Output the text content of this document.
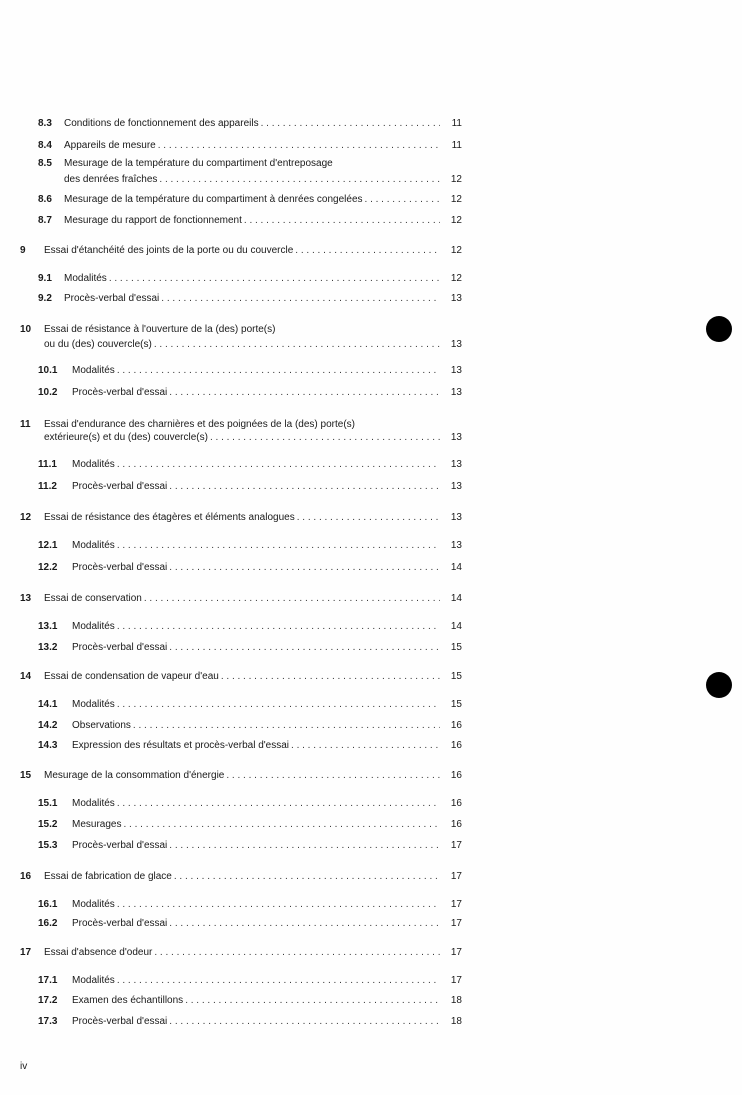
8.3 Conditions de fonctionnement des appareils . . .	11
8.4 Appareils de mesure . . .	11
8.5 Mesurage de la température du compartiment d'entreposage
des denrées fraîches . . .	12
8.6 Mesurage de la température du compartiment à denrées congelées . . .	12
8.7 Mesurage du rapport de fonctionnement . . .	12
9 Essai d'étanchéité des joints de la porte ou du couvercle . . .	12
9.1 Modalités . . .	12
9.2 Procès-verbal d'essai . . .	13
10 Essai de résistance à l'ouverture de la (des) porte(s)
ou du (des) couvercle(s) . . .	13
10.1 Modalités . . .	13
10.2 Procès-verbal d'essai . . .	13
11 Essai d'endurance des charnières et des poignées de la (des) porte(s)
extérieure(s) et du (des) couvercle(s) . . .	13
11.1 Modalités . . .	13
11.2 Procès-verbal d'essai . . .	13
12 Essai de résistance des étagères et éléments analogues . . .	13
12.1 Modalités . . .	13
12.2 Procès-verbal d'essai . . .	14
13 Essai de conservation . . .	14
13.1 Modalités . . .	14
13.2 Procès-verbal d'essai . . .	15
14 Essai de condensation de vapeur d'eau . . .	15
14.1 Modalités . . .	15
14.2 Observations . . .	16
14.3 Expression des résultats et procès-verbal d'essai . . .	16
15 Mesurage de la consommation d'énergie . . .	16
15.1 Modalités . . .	16
15.2 Mesurages . . .	16
15.3 Procès-verbal d'essai . . .	17
16 Essai de fabrication de glace . . .	17
16.1 Modalités . . .	17
16.2 Procès-verbal d'essai . . .	17
17 Essai d'absence d'odeur . . .	17
17.1 Modalités . . .	17
17.2 Examen des échantillons . . .	18
17.3 Procès-verbal d'essai . . .	18
iv
